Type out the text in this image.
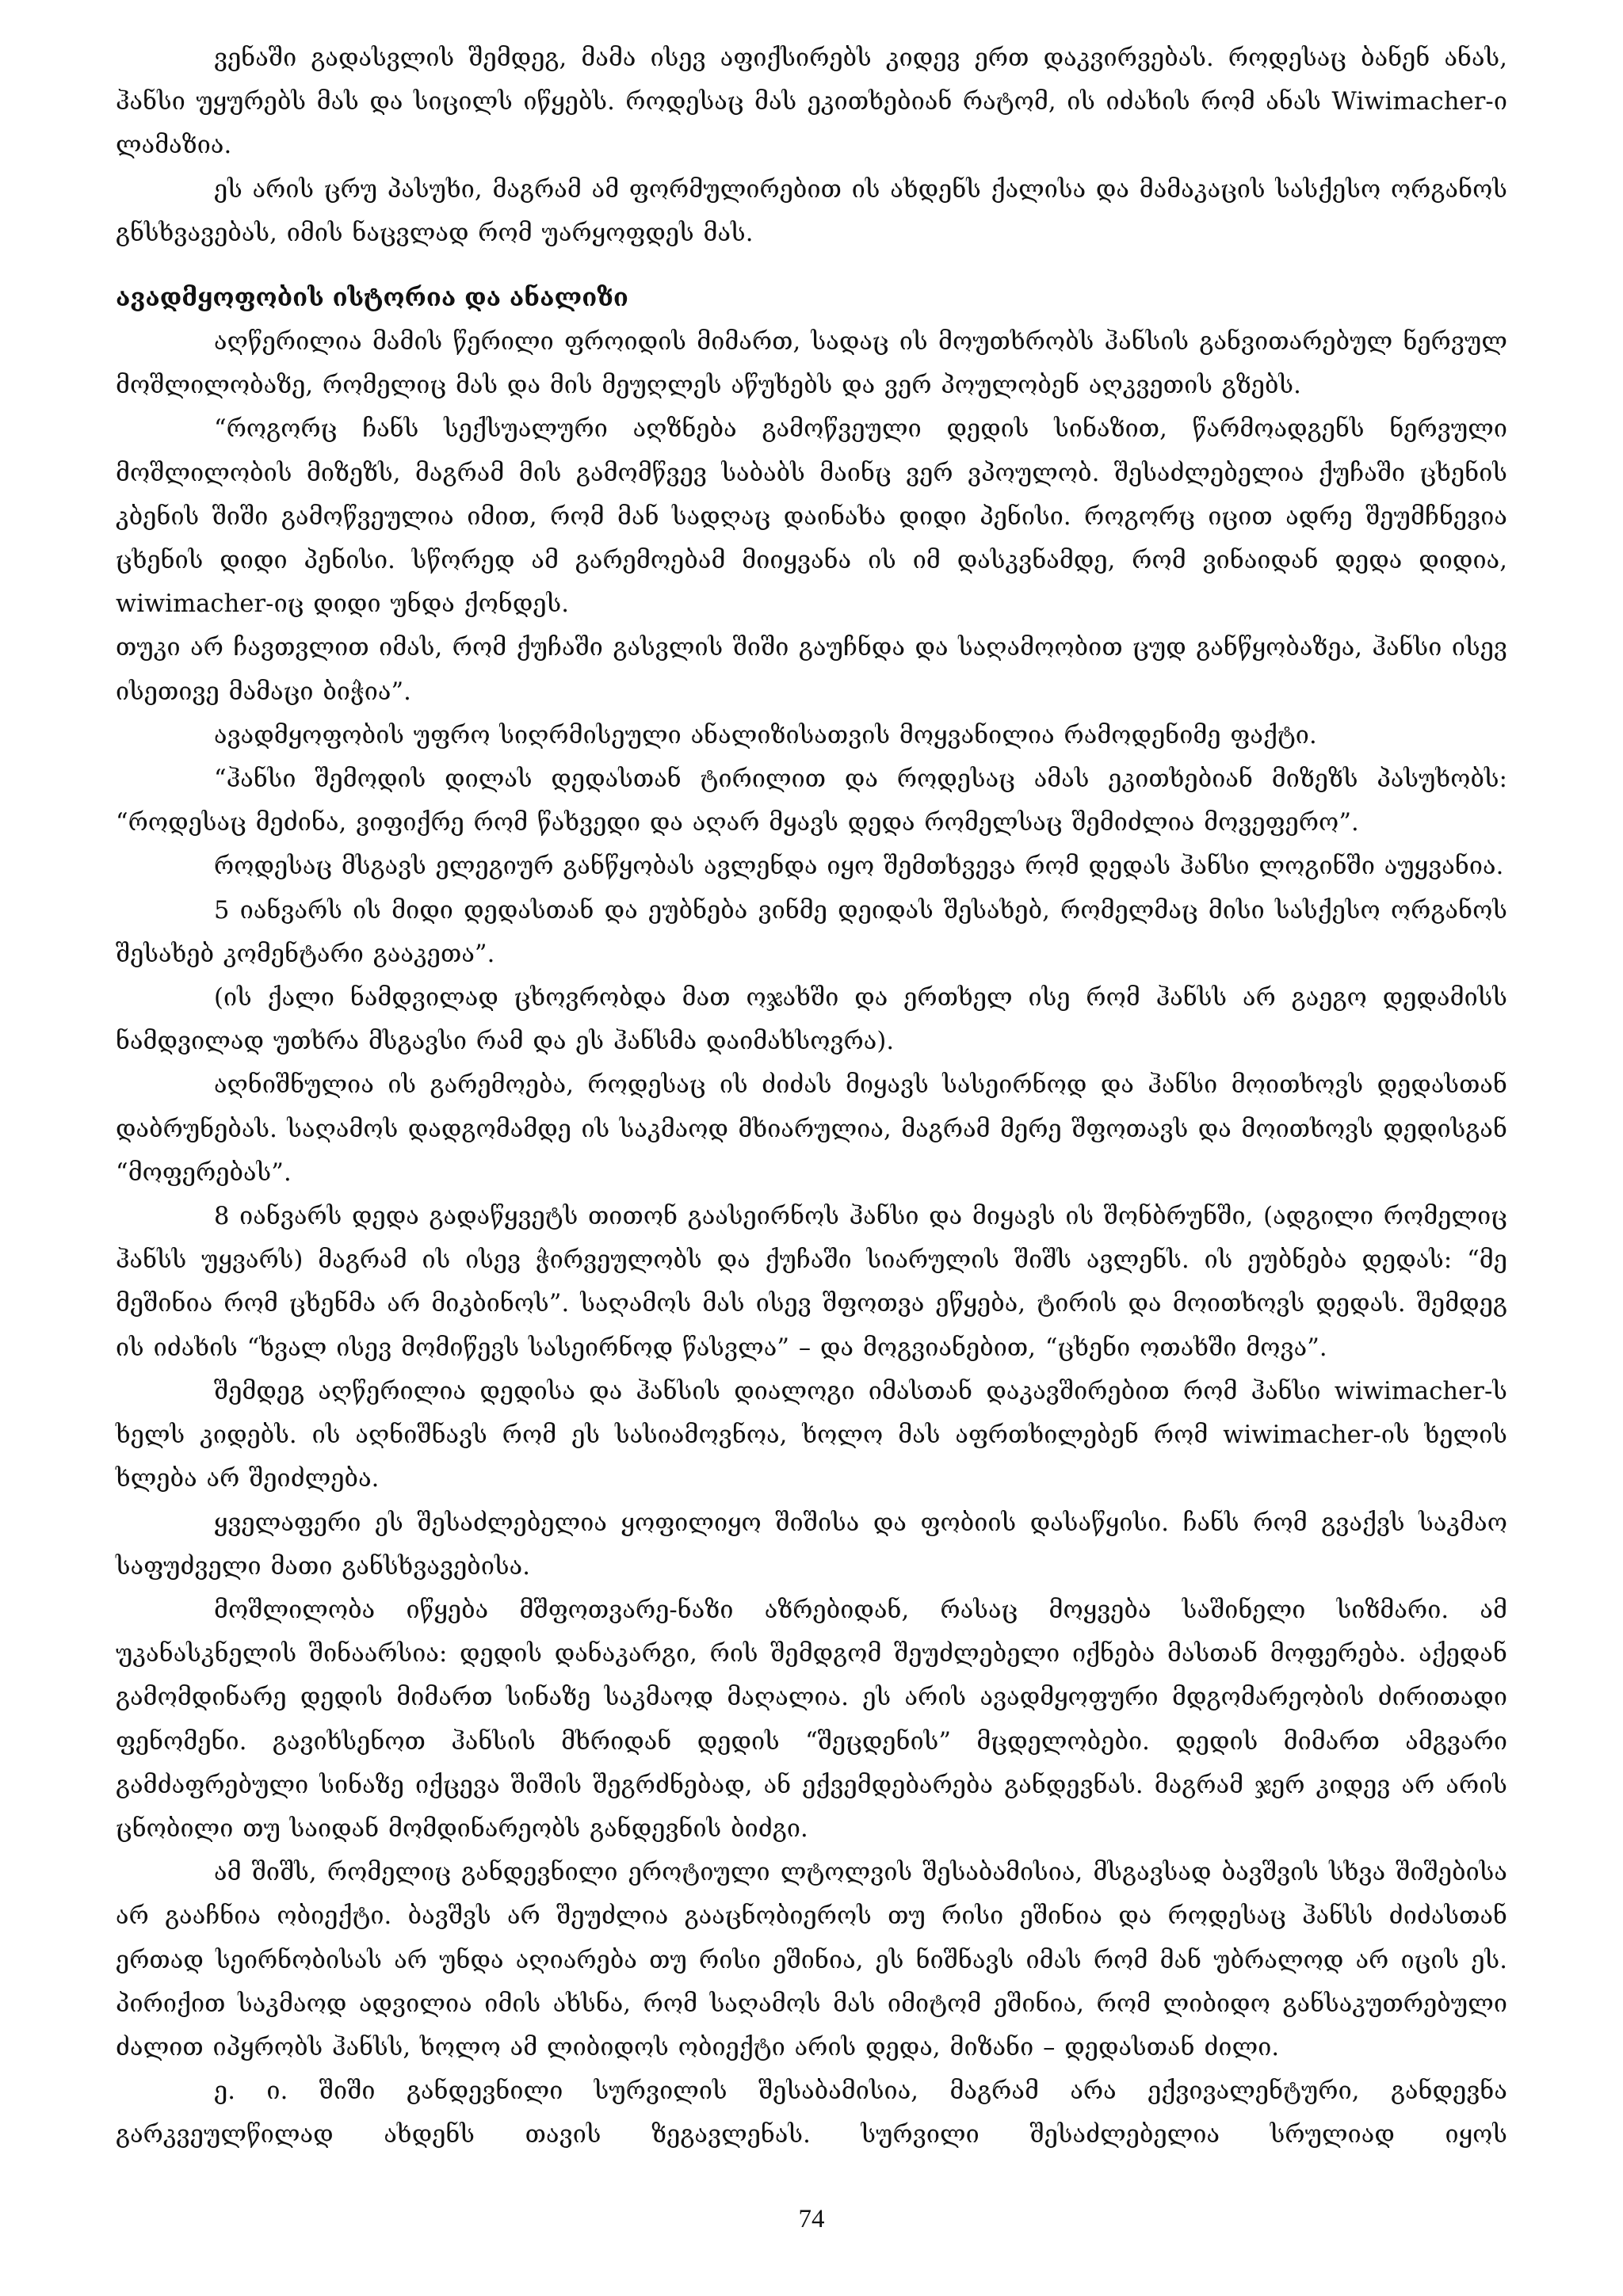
ვენაში გადასვლის შემდეგ, მამა ისევ აფიქსირებს კიდევ ერთ დაკვირვებას. როდესაც ბანენ ანას, ჰანსი უყურებს მას და სიცილს იწყებს. როდესაც მას ეკითხებიან რატომ, ის იძახის რომ ანას Wiwimacher-ი ლამაზია.

ეს არის ცრუ პასუხი, მაგრამ ამ ფორმულირებით ის ახდენს ქალისა და მამაკაცის სასქესო ორგანოს გნსხვავებას, იმის ნაცვლად რომ უარყოფდეს მას.

ავადმყოფობის ისტორია და ანალიზი

აღწერილია მამის წერილი ფროიდის მიმართ, სადაც ის მოუთხრობს ჰანსის განვითარებულ ნერვულ მოშლილობაზე, რომელიც მას და მის მეუღლეს აწუხებს და ვერ პოულობენ აღკვეთის გზებს.

“როგორც ჩანს სექსუალური აღზნება გამოწვეული დედის სინაზით, წარმოადგენს ნერვული მოშლილობის მიზეზს, მაგრამ მის გამომწვევ საბაბს მაინც ვერ ვპოულობ. შესაძლებელია ქუჩაში ცხენის კბენის შიში გამოწვეულია იმით, რომ მან სადღაც დაინახა დიდი პენისი. როგორც იცით ადრე შეუმჩნევია ცხენის დიდი პენისი. სწორედ ამ გარემოებამ მიიყვანა ის იმ დასკვნამდე, რომ ვინაიდან დედა დიდია, wiwimacher-იც დიდი უნდა ქონდეს.

თუკი არ ჩავთვლით იმას, რომ ქუჩაში გასვლის შიში გაუჩნდა და საღამოობით ცუდ განწყობაზეა, ჰანსი ისევ ისეთივე მამაცი ბიჭია”.

ავადმყოფობის უფრო სიღრმისეული ანალიზისათვის მოყვანილია რამოდენიმე ფაქტი.

“ჰანსი შემოდის დილას დედასთან ტირილით და როდესაც ამას ეკითხებიან მიზეზს პასუხობს: “როდესაც მეძინა, ვიფიქრე რომ წახვედი და აღარ მყავს დედა რომელსაც შემიძლია მოვეფერო”.

როდესაც მსგავს ელეგიურ განწყობას ავლენდა იყო შემთხვევა რომ დედას ჰანსი ლოგინში აუყვანია.

5 იანვარს ის მიდი დედასთან და ეუბნება ვინმე დეიდას შესახებ, რომელმაც მისი სასქესო ორგანოს შესახებ კომენტარი გააკეთა”.

(ის ქალი ნამდვილად ცხოვრობდა მათ ოჯახში და ერთხელ ისე რომ ჰანსს არ გაეგო დედამისს ნამდვილად უთხრა მსგავსი რამ და ეს ჰანსმა დაიმახსოვრა).

აღნიშნულია ის გარემოება, როდესაც ის ძიძას მიყავს სასეირნოდ და ჰანსი მოითხოვს დედასთან დაბრუნებას. საღამოს დადგომამდე ის საკმაოდ მხიარულია, მაგრამ მერე შფოთავს და მოითხოვს დედისგან “მოფერებას”.

8 იანვარს დედა გადაწყვეტს თითონ გაასეირნოს ჰანსი და მიყავს ის შონბრუნში, (ადგილი რომელიც ჰანსს უყვარს) მაგრამ ის ისევ ჭირვეულობს და ქუჩაში სიარულის შიშს ავლენს. ის ეუბნება დედას: “მე მეშინია რომ ცხენმა არ მიკბინოს”. საღამოს მას ისევ შფოთვა ეწყება, ტირის და მოითხოვს დედას. შემდეგ ის იძახის “ხვალ ისევ მომიწევს სასეირნოდ წასვლა” – და მოგვიანებით, “ცხენი ოთახში მოვა”.

შემდეგ აღწერილია დედისა და ჰანსის დიალოგი იმასთან დაკავშირებით რომ ჰანსი wiwimacher-ს ხელს კიდებს. ის აღნიშნავს რომ ეს სასიამოვნოა, ხოლო მას აფრთხილებენ რომ wiwimacher-ის ხელის ხლება არ შეიძლება.

ყველაფერი ეს შესაძლებელია ყოფილიყო შიშისა და ფობიის დასაწყისი. ჩანს რომ გვაქვს საკმაო საფუძველი მათი განსხვავებისა.

მოშლილობა იწყება მშფოთვარე-ნაზი აზრებიდან, რასაც მოყვება საშინელი სიზმარი. ამ უკანასკნელის შინაარსია: დედის დანაკარგი, რის შემდგომ შეუძლებელი იქნება მასთან მოფერება. აქედან გამომდინარე დედის მიმართ სინაზე საკმაოდ მაღალია. ეს არის ავადმყოფური მდგომარეობის ძირითადი ფენომენი. გავიხსენოთ ჰანსის მხრიდან დედის “შეცდენის” მცდელობები. დედის მიმართ ამგვარი გამძაფრებული სინაზე იქცევა შიშის შეგრძნებად, ან ექვემდებარება განდევნას. მაგრამ ჯერ კიდევ არ არის ცნობილი თუ საიდან მომდინარეობს განდევნის ბიძგი.

ამ შიშს, რომელიც განდევნილი ეროტიული ლტოლვის შესაბამისია, მსგავსად ბავშვის სხვა შიშებისა არ გააჩნია ობიექტი. ბავშვს არ შეუძლია გააცნობიეროს თუ რისი ეშინია და როდესაც ჰანსს ძიძასთან ერთად სეირნობისას არ უნდა აღიარება თუ რისი ეშინია, ეს ნიშნავს იმას რომ მან უბრალოდ არ იცის ეს. პირიქით საკმაოდ ადვილია იმის ახსნა, რომ საღამოს მას იმიტომ ეშინია, რომ ლიბიდო განსაკუთრებული ძალით იპყრობს ჰანსს, ხოლო ამ ლიბიდოს ობიექტი არის დედა, მიზანი – დედასთან ძილი.

ე. ი. შიში განდევნილი სურვილის შესაბამისია, მაგრამ არა ექვივალენტური, განდევნა გარკვეულწილად ახდენს თავის ზეგავლენას. სურვილი შესაძლებელია სრულიად იყოს

74
